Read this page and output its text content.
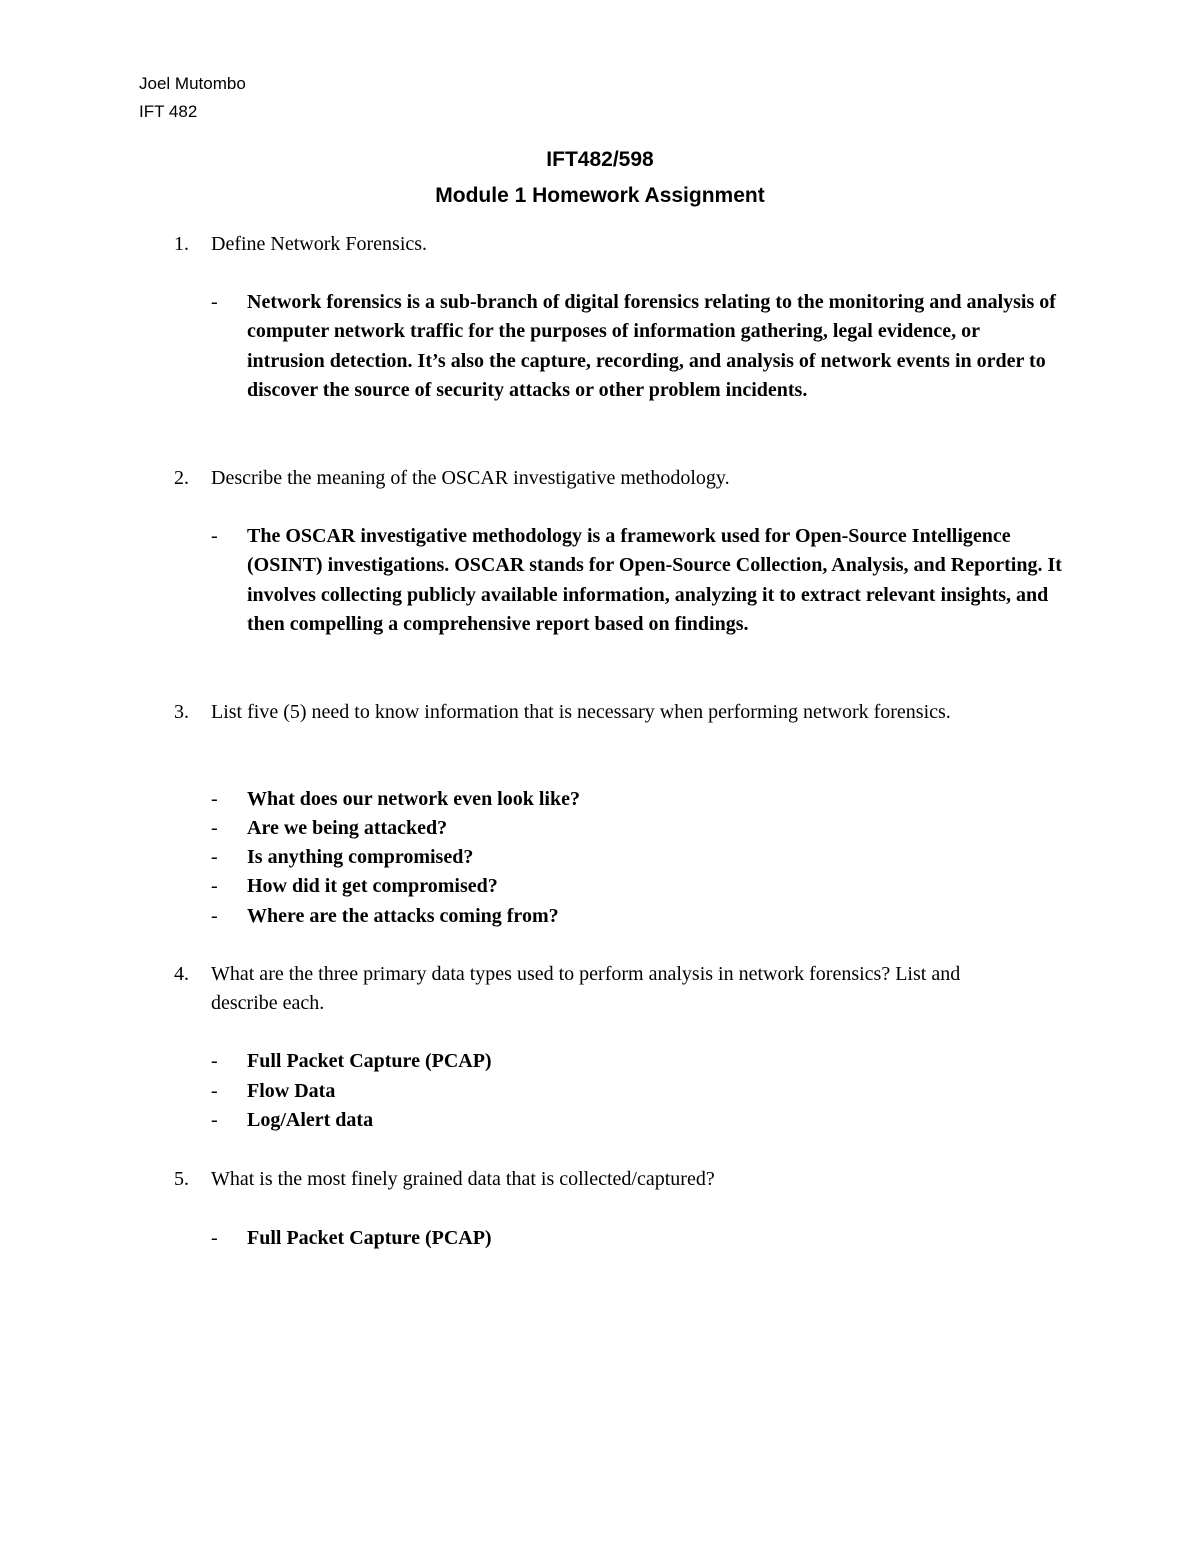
Joel Mutombo
IFT 482
IFT482/598
Module 1 Homework Assignment
1.	Define Network Forensics.
-	Network forensics is a sub-branch of digital forensics relating to the monitoring and analysis of computer network traffic for the purposes of information gathering, legal evidence, or intrusion detection. It’s also the capture, recording, and analysis of network events in order to discover the source of security attacks or other problem incidents.
2.	Describe the meaning of the OSCAR investigative methodology.
-	The OSCAR investigative methodology is a framework used for Open-Source Intelligence (OSINT) investigations. OSCAR stands for Open-Source Collection, Analysis, and Reporting. It involves collecting publicly available information, analyzing it to extract relevant insights, and then compelling a comprehensive report based on findings.
3.	List five (5) need to know information that is necessary when performing network forensics.
-	What does our network even look like?
-	Are we being attacked?
-	Is anything compromised?
-	How did it get compromised?
-	Where are the attacks coming from?
4.	What are the three primary data types used to perform analysis in network forensics? List and describe each.
-	Full Packet Capture (PCAP)
-	Flow Data
-	Log/Alert data
5.	What is the most finely grained data that is collected/captured?
-	Full Packet Capture (PCAP)
